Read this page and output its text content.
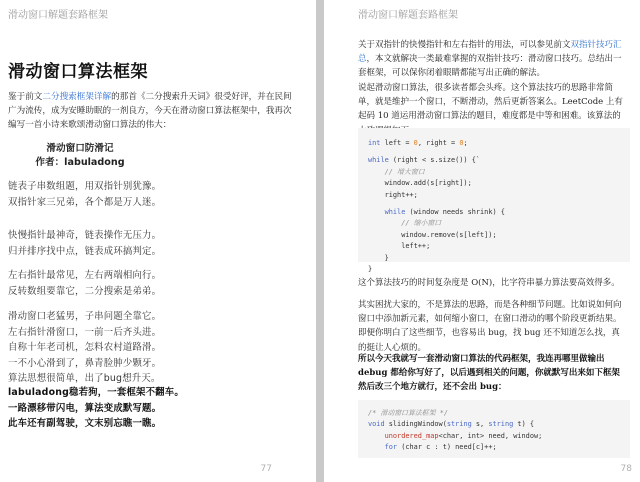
滑动窗口解题套路框架
滑动窗口算法框架
鉴于前文二分搜索框架详解的那首《二分搜索升天词》很受好评，并在民间广为流传，成为安睡助眠的一剂良方，今天在滑动窗口算法框架中，我再次编写一首小诗来歌颂滑动窗口算法的伟大：
滑动窗口防滑记
作者：labuladong
链表子串数组题，用双指针别犹豫。
双指针家三兄弟，各个都是万人迷。
快慢指针最神奇，链表操作无压力。
归并排序找中点，链表成环搞判定。
左右指针最常见，左右两端相向行。
反转数组要靠它，二分搜索是弟弟。
滑动窗口老猛男，子串问题全靠它。
左右指针滑窗口，一前一后齐头进。
自称十年老司机，怎料农村道路滑。
一不小心滑到了，鼻青脸肿少颗牙。
算法思想很简单，出了bug想升天。
labuladong稳若狗，一套框架不翻车。
一路漂移带闪电，算法变成默写题。
此车还有副驾驶，文末别忘瞧一瞧。
77
滑动窗口解题套路框架
关于双指针的快慢指针和左右指针的用法，可以参见前文双指针技巧汇总，本文就解决一类最难掌握的双指针技巧：滑动窗口技巧。总结出一套框架，可以保你闭着眼睛都能写出正确的解法。
说起滑动窗口算法，很多读者都会头疼。这个算法技巧的思路非常简单，就是维护一个窗口，不断滑动，然后更新答案么。LeetCode 上有起码 10 道运用滑动窗口算法的题目，难度都是中等和困难。该算法的
int left = 0, right = 0;
while (right < s.size()) {`
// 增大窗口
window.add(s[right]);
right++;
while (window needs shrink) {
// 缩小窗口
window.remove(s[left]);
left++;
}
}
这个算法技巧的时间复杂度是 O(N)，比字符串暴力算法要高效得多。
其实困扰大家的，不是算法的思路，而是各种细节问题。比如说如何向窗口中添加新元素，如何缩小窗口，在窗口滑动的哪个阶段更新结果。即便你明白了这些细节，也容易出 bug，找 bug 还不知道怎么找，真的挺让人心烦的。
所以今天我就写一套滑动窗口算法的代码框架，我连再哪里做输出 debug 都给你写好了，以后遇到相关的问题，你就默写出来如下框架然后改三个地方就行，还不会出 bug：
/* 滑动窗口算法框架 */
void slidingWindow(string s, string t) {
unordered_map<char, int> need, window;
for (char c : t) need[c]++;
78
